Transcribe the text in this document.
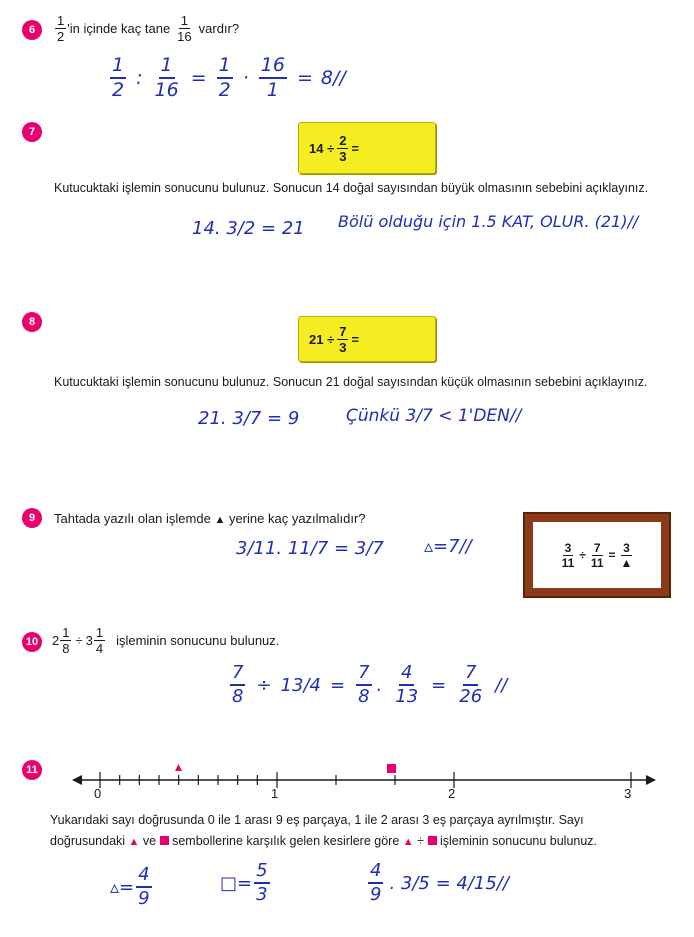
$6 \frac{1}{2}$ 'in içinde kaç tane $\frac{1}{16}$ vardır?
1
2
: $\frac{1}{16} = \frac{1}{2} \cdot \frac{16}{1} = 8//$
7
$14 \div \frac{2}{3}$ =
Kutucuktaki işlemin sonucunu bulunuz. Sonucun 14 doğal sayısından büyük olmasının sebebini açıklayınız.
14. 3/2 = 21 Bölü olduğu için 1.5 KAT, OLUR. (21)//
8
$21 \div \frac{7}{3}$ =
Kutucuktaki işlemin sonucunu bulunuz. Sonucun 21 doğal sayısından küçük olmasının sebebini açıklayınız.
21. 3/7 = 9	Çünkü 3/7 < 1'DEN//
9 Tahtada yazılı olan işlemde ▲ yerine kaç yazılmalıdır?
3/11. 11/7 = 3/7 ▵=7//	$\frac{3}{11} \div \frac{7}{11} = \frac{3}{▲}$
10 $2 \frac{1}{8} \div 3 \frac{1}{4}$ işleminin sonucunu bulunuz.
$\frac{7}{8} \div 13/4 = \frac{7}{8}$ . $\frac{4}{13} = \frac{7}{26}$ //
11
0	1	2	3
Yukarıdaki sayı doğrusunda 0 ile 1 arası 9 eş parçaya, 1 ile 2 arası 3 eş parçaya ayrılmıştır. Sayı
doğrusundaki ▲ ve sembollerine karşılık gelen kesirlere göre ▲ ÷ işleminin sonucunu bulunuz.
▵= $\frac{4}{9}$	□= $\frac{5}{3}$	4
9
. 3/5 = 4/15//
